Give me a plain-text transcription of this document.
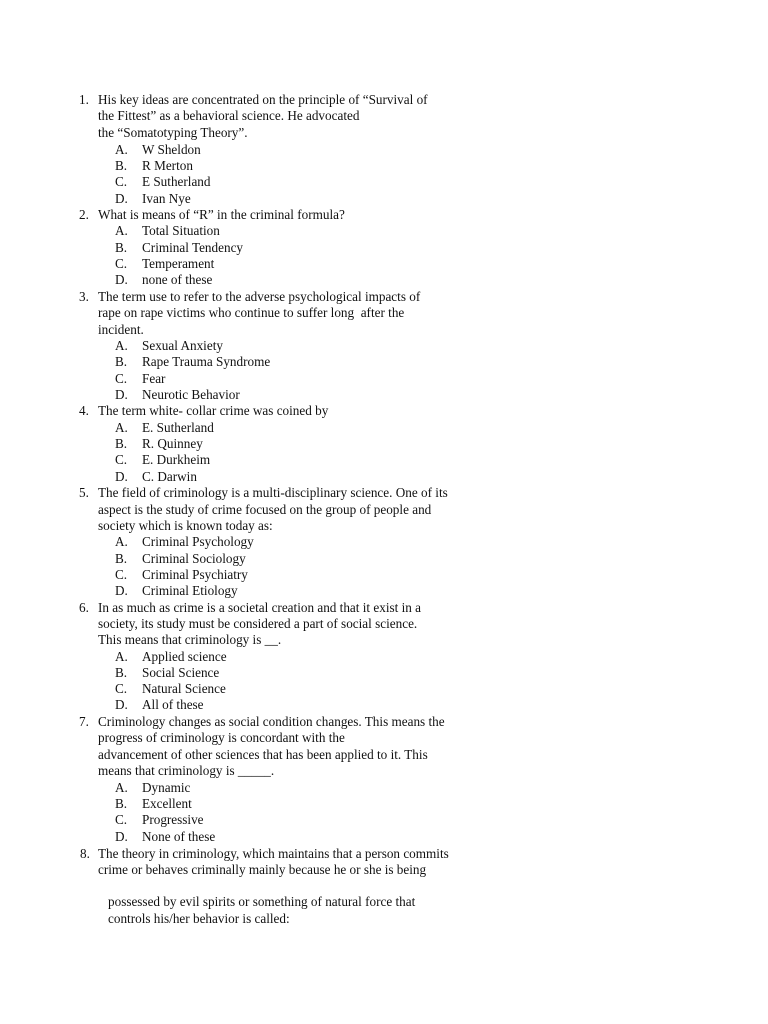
1. His key ideas are concentrated on the principle of “Survival of
the Fittest” as a behavioral science. He advocated
the “Somatotyping Theory”.
A. W Sheldon
B. R Merton
C. E Sutherland
D. Ivan Nye
2. What is means of “R” in the criminal formula?
A. Total Situation
B. Criminal Tendency
C. Temperament
D. none of these
3. The term use to refer to the adverse psychological impacts of
rape on rape victims who continue to suffer long  after the
incident.
A. Sexual Anxiety
B. Rape Trauma Syndrome
C. Fear
D. Neurotic Behavior
4. The term white- collar crime was coined by
A. E. Sutherland
B. R. Quinney
C. E. Durkheim
D. C. Darwin
5. The field of criminology is a multi-disciplinary science. One of its
aspect is the study of crime focused on the group of people and
society which is known today as:
A. Criminal Psychology
B. Criminal Sociology
C. Criminal Psychiatry
D. Criminal Etiology
6. In as much as crime is a societal creation and that it exist in a
society, its study must be considered a part of social science.
This means that criminology is __.
A. Applied science
B. Social Science
C. Natural Science
D. All of these
7. Criminology changes as social condition changes. This means the
progress of criminology is concordant with the
advancement of other sciences that has been applied to it. This
means that criminology is _____.
A. Dynamic
B. Excellent
C. Progressive
D. None of these
8. The theory in criminology, which maintains that a person commits
crime or behaves criminally mainly because he or she is being
possessed by evil spirits or something of natural force that
controls his/her behavior is called:
